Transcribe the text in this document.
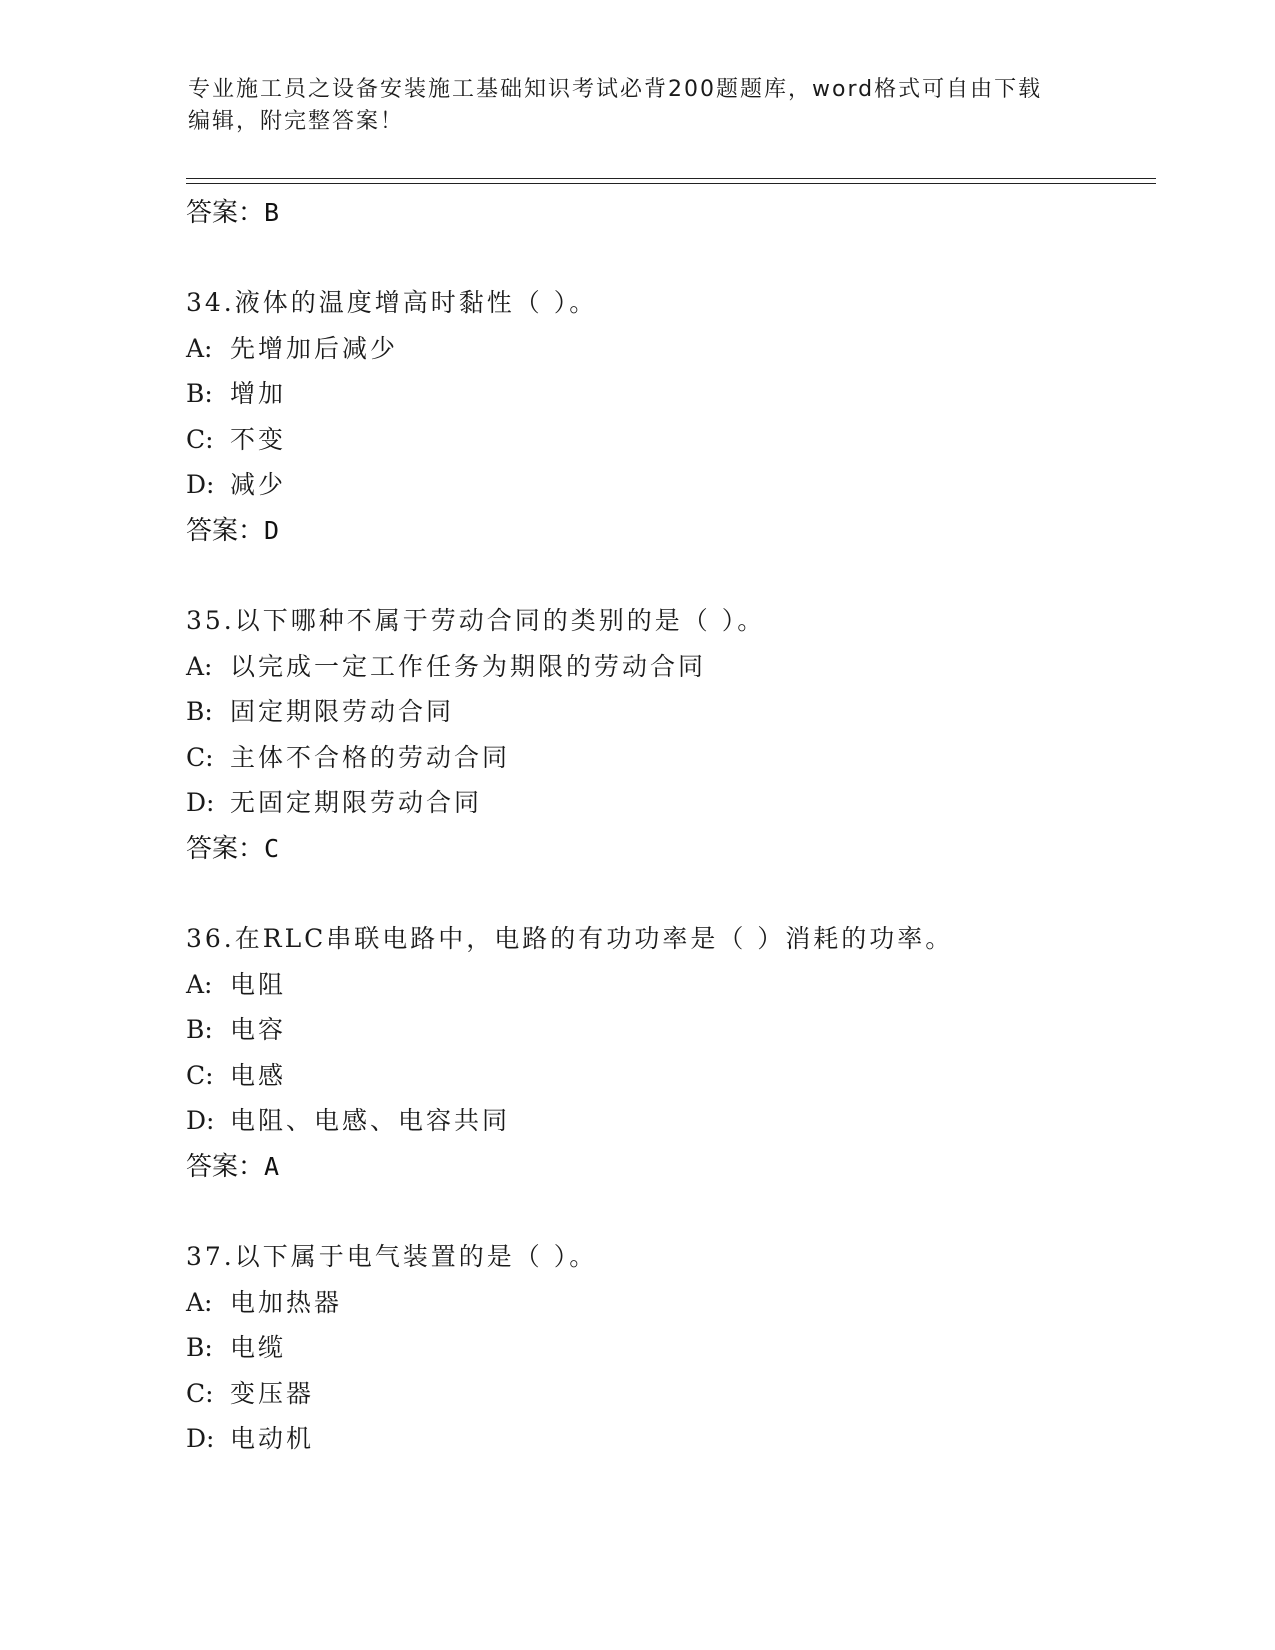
专业施工员之设备安装施工基础知识考试必背200题题库，word格式可自由下载
编辑，附完整答案！
答案：B
34.液体的温度增高时黏性（ ）。
A: 先增加后减少
B: 增加
C: 不变
D: 减少
答案：D
35.以下哪种不属于劳动合同的类别的是（ ）。
A: 以完成一定工作任务为期限的劳动合同
B: 固定期限劳动合同
C: 主体不合格的劳动合同
D: 无固定期限劳动合同
答案：C
36.在RLC串联电路中，电路的有功功率是（ ）消耗的功率。
A: 电阻
B: 电容
C: 电感
D: 电阻、电感、电容共同
答案：A
37.以下属于电气装置的是（ ）。
A: 电加热器
B: 电缆
C: 变压器
D: 电动机
